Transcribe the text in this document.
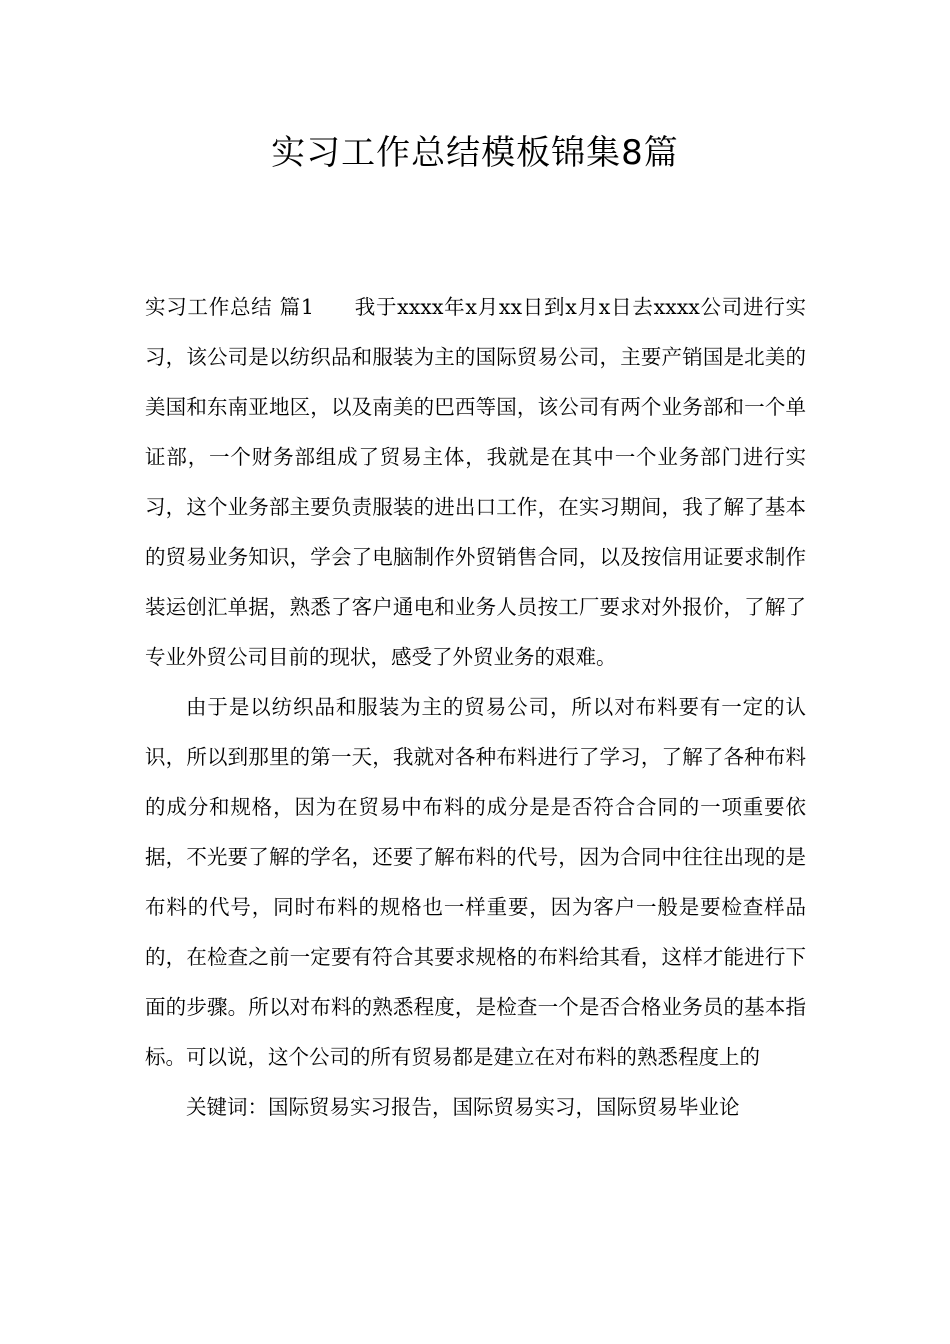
实习工作总结模板锦集8篇

实习工作总结 篇1 我于xxxx年x月xx日到x月x日去xxxx公司进行实习，该公司是以纺织品和服装为主的国际贸易公司，主要产销国是北美的美国和东南亚地区，以及南美的巴西等国，该公司有两个业务部和一个单证部，一个财务部组成了贸易主体，我就是在其中一个业务部门进行实习，这个业务部主要负责服装的进出口工作，在实习期间，我了解了基本的贸易业务知识，学会了电脑制作外贸销售合同，以及按信用证要求制作装运创汇单据，熟悉了客户通电和业务人员按工厂要求对外报价，了解了专业外贸公司目前的现状，感受了外贸业务的艰难。

由于是以纺织品和服装为主的贸易公司，所以对布料要有一定的认识，所以到那里的第一天，我就对各种布料进行了学习，了解了各种布料的成分和规格，因为在贸易中布料的成分是是否符合合同的一项重要依据，不光要了解的学名，还要了解布料的代号，因为合同中往往出现的是布料的代号，同时布料的规格也一样重要，因为客户一般是要检查样品的，在检查之前一定要有符合其要求规格的布料给其看，这样才能进行下面的步骤。所以对布料的熟悉程度，是检查一个是否合格业务员的基本指标。可以说，这个公司的所有贸易都是建立在对布料的熟悉程度上的

关键词：国际贸易实习报告，国际贸易实习，国际贸易毕业论
